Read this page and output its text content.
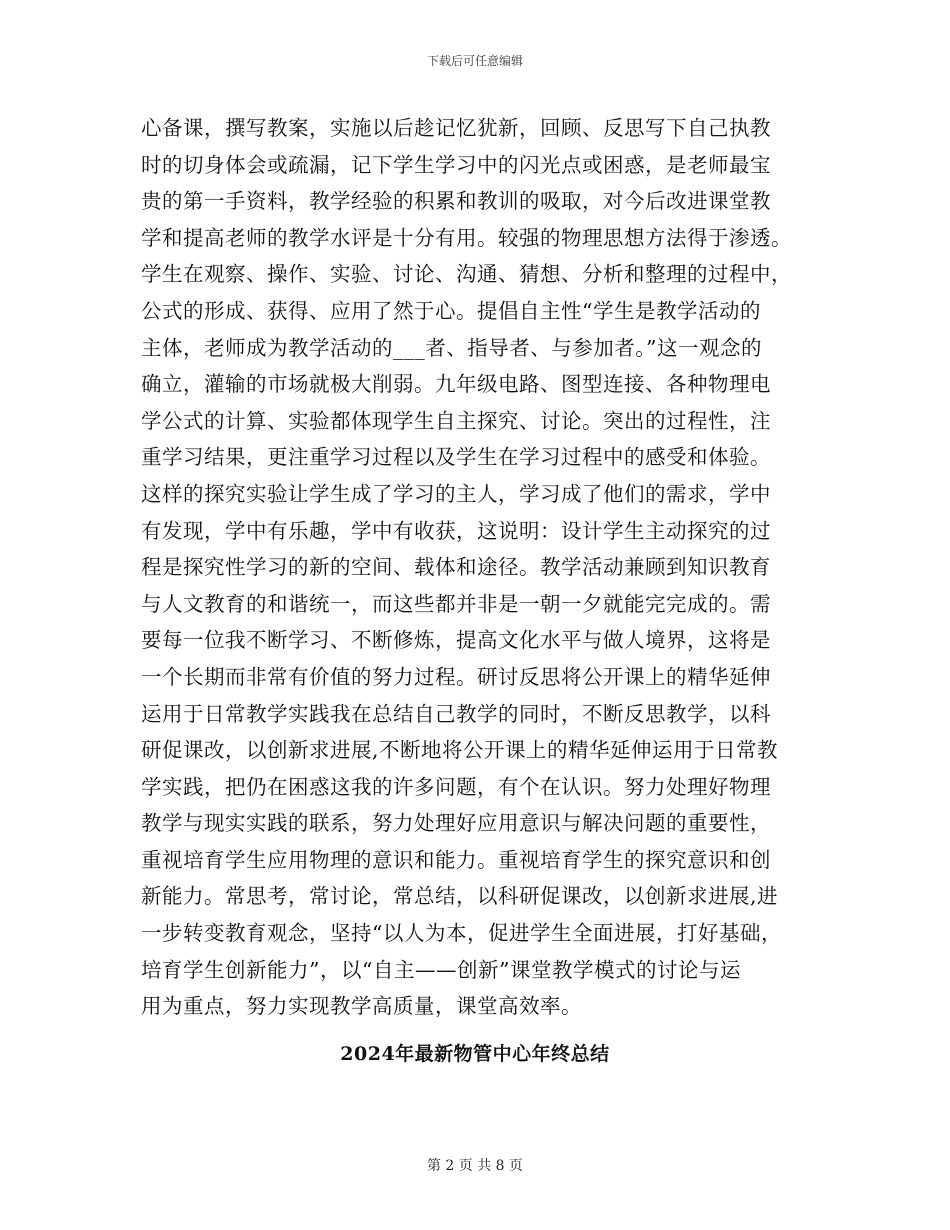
下载后可任意编辑
心备课，撰写教案，实施以后趁记忆犹新，回顾、反思写下自己执教
时的切身体会或疏漏，记下学生学习中的闪光点或困惑，是老师最宝
贵的第一手资料，教学经验的积累和教训的吸取，对今后改进课堂教
学和提高老师的教学水评是十分有用。较强的物理思想方法得于渗透。
学生在观察、操作、实验、讨论、沟通、猜想、分析和整理的过程中，
公式的形成、获得、应用了然于心。提倡自主性“学生是教学活动的
主体，老师成为教学活动的___者、指导者、与参加者。”这一观念的
确立，灌输的市场就极大削弱。九年级电路、图型连接、各种物理电
学公式的计算、实验都体现学生自主探究、讨论。突出的过程性，注
重学习结果，更注重学习过程以及学生在学习过程中的感受和体验。
这样的探究实验让学生成了学习的主人，学习成了他们的需求，学中
有发现，学中有乐趣，学中有收获，这说明：设计学生主动探究的过
程是探究性学习的新的空间、载体和途径。教学活动兼顾到知识教育
与人文教育的和谐统一，而这些都并非是一朝一夕就能完完成的。需
要每一位我不断学习、不断修炼，提高文化水平与做人境界，这将是
一个长期而非常有价值的努力过程。研讨反思将公开课上的精华延伸
运用于日常教学实践我在总结自己教学的同时，不断反思教学，以科
研促课改，以创新求进展,不断地将公开课上的精华延伸运用于日常教
学实践，把仍在困惑这我的许多问题，有个在认识。努力处理好物理
教学与现实实践的联系，努力处理好应用意识与解决问题的重要性，
重视培育学生应用物理的意识和能力。重视培育学生的探究意识和创
新能力。常思考，常讨论，常总结，以科研促课改，以创新求进展,进
一步转变教育观念，坚持“以人为本，促进学生全面进展，打好基础，
培育学生创新能力”，以“自主——创新”课堂教学模式的讨论与运
用为重点，努力实现教学高质量，课堂高效率。
2024年最新物管中心年终总结
第 2 页 共 8 页
